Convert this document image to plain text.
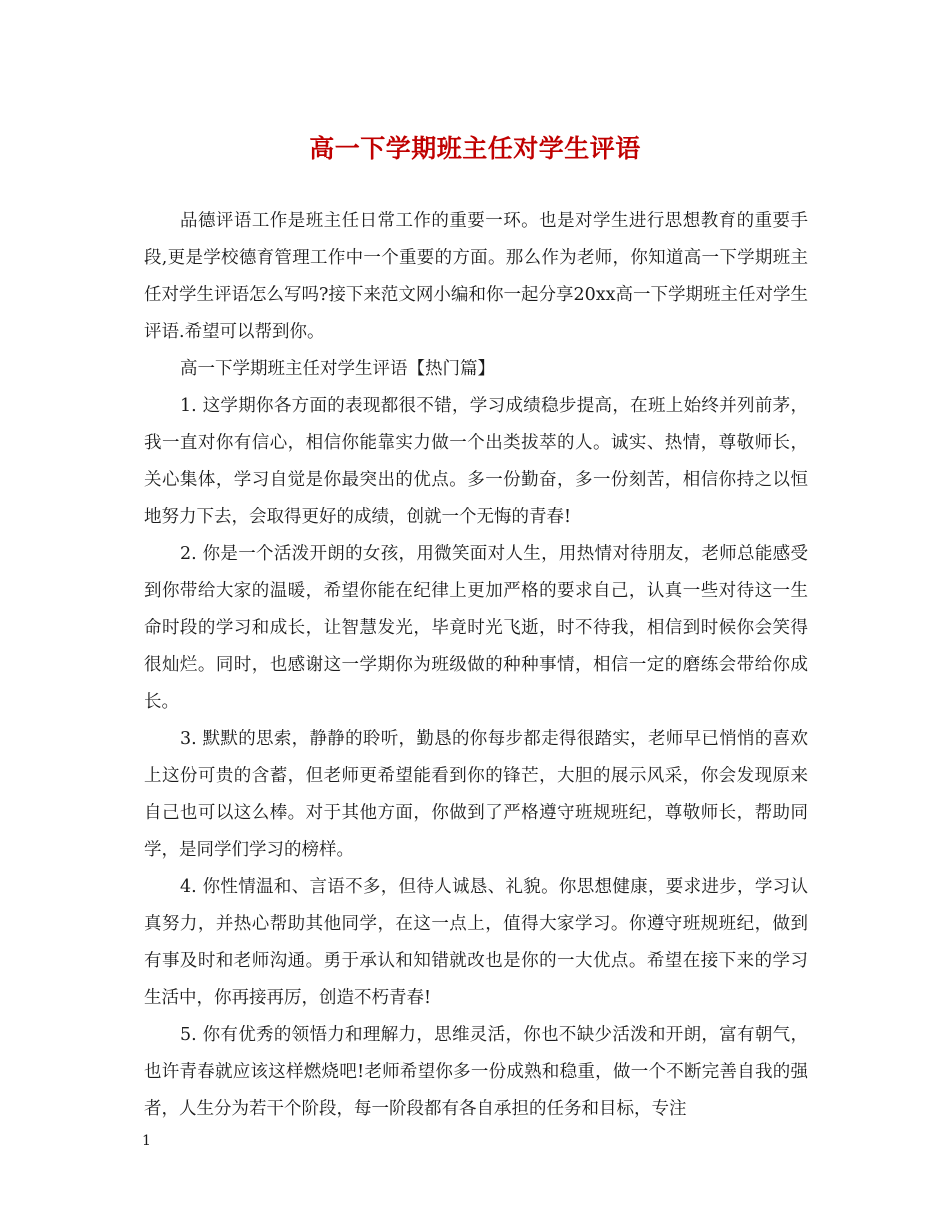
高一下学期班主任对学生评语

品德评语工作是班主任日常工作的重要一环。也是对学生进行思想教育的重要手段,更是学校德育管理工作中一个重要的方面。那么作为老师，你知道高一下学期班主任对学生评语怎么写吗?接下来范文网小编和你一起分享20xx高一下学期班主任对学生评语.希望可以帮到你。

高一下学期班主任对学生评语【热门篇】

1. 这学期你各方面的表现都很不错，学习成绩稳步提高，在班上始终并列前茅，我一直对你有信心，相信你能靠实力做一个出类拔萃的人。诚实、热情，尊敬师长，关心集体，学习自觉是你最突出的优点。多一份勤奋，多一份刻苦，相信你持之以恒地努力下去，会取得更好的成绩，创就一个无悔的青春!

2. 你是一个活泼开朗的女孩，用微笑面对人生，用热情对待朋友，老师总能感受到你带给大家的温暖，希望你能在纪律上更加严格的要求自己，认真一些对待这一生命时段的学习和成长，让智慧发光，毕竟时光飞逝，时不待我，相信到时候你会笑得很灿烂。同时，也感谢这一学期你为班级做的种种事情，相信一定的磨练会带给你成长。

3. 默默的思索，静静的聆听，勤恳的你每步都走得很踏实，老师早已悄悄的喜欢上这份可贵的含蓄，但老师更希望能看到你的锋芒，大胆的展示风采，你会发现原来自己也可以这么棒。对于其他方面，你做到了严格遵守班规班纪，尊敬师长，帮助同学，是同学们学习的榜样。

4. 你性情温和、言语不多，但待人诚恳、礼貌。你思想健康，要求进步，学习认真努力，并热心帮助其他同学，在这一点上，值得大家学习。你遵守班规班纪，做到有事及时和老师沟通。勇于承认和知错就改也是你的一大优点。希望在接下来的学习生活中，你再接再厉，创造不朽青春!

5. 你有优秀的领悟力和理解力，思维灵活，你也不缺少活泼和开朗，富有朝气，也许青春就应该这样燃烧吧!老师希望你多一份成熟和稳重，做一个不断完善自我的强者，人生分为若干个阶段，每一阶段都有各自承担的任务和目标，专注

1
